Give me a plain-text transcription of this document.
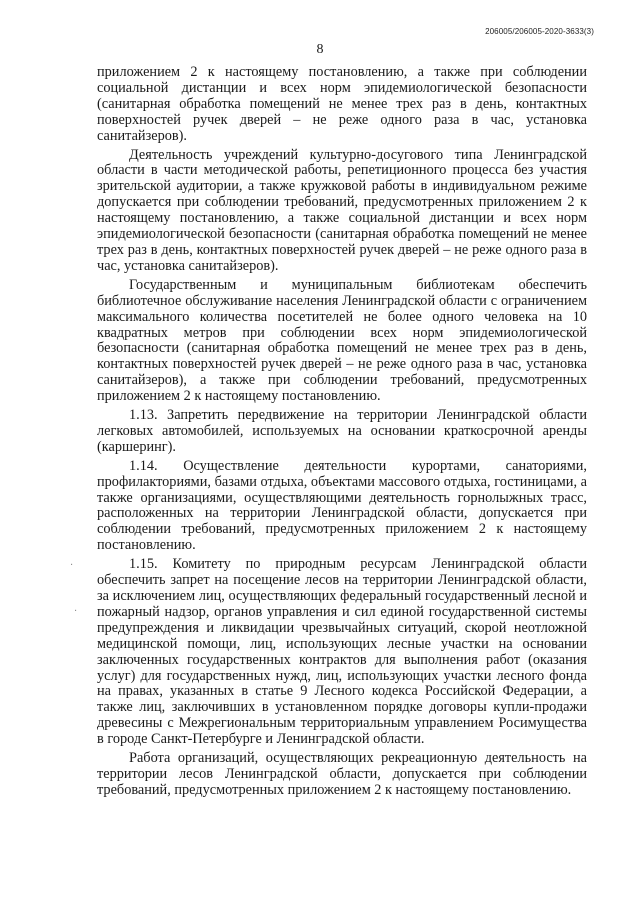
206005/206005-2020-3633(3)
8

приложением 2 к настоящему постановлению, а также при соблюдении социальной дистанции и всех норм эпидемиологической безопасности (санитарная обработка помещений не менее трех раз в день, контактных поверхностей ручек дверей – не реже одного раза в час, установка санитайзеров).

Деятельность учреждений культурно-досугового типа Ленинградской области в части методической работы, репетиционного процесса без участия зрительской аудитории, а также кружковой работы в индивидуальном режиме допускается при соблюдении требований, предусмотренных приложением 2 к настоящему постановлению, а также социальной дистанции и всех норм эпидемиологической безопасности (санитарная обработка помещений не менее трех раз в день, контактных поверхностей ручек дверей – не реже одного раза в час, установка санитайзеров).

Государственным и муниципальным библиотекам обеспечить библиотечное обслуживание населения Ленинградской области с ограничением максимального количества посетителей не более одного человека на 10 квадратных метров при соблюдении всех норм эпидемиологической безопасности (санитарная обработка помещений не менее трех раз в день, контактных поверхностей ручек дверей – не реже одного раза в час, установка санитайзеров), а также при соблюдении требований, предусмотренных приложением 2 к настоящему постановлению.

1.13. Запретить передвижение на территории Ленинградской области легковых автомобилей, используемых на основании краткосрочной аренды (каршеринг).

1.14. Осуществление деятельности курортами, санаториями, профилакториями, базами отдыха, объектами массового отдыха, гостиницами, а также организациями, осуществляющими деятельность горнолыжных трасс, расположенных на территории Ленинградской области, допускается при соблюдении требований, предусмотренных приложением 2 к настоящему постановлению.

1.15. Комитету по природным ресурсам Ленинградской области обеспечить запрет на посещение лесов на территории Ленинградской области, за исключением лиц, осуществляющих федеральный государственный лесной и пожарный надзор, органов управления и сил единой государственной системы предупреждения и ликвидации чрезвычайных ситуаций, скорой неотложной медицинской помощи, лиц, использующих лесные участки на основании заключенных государственных контрактов для выполнения работ (оказания услуг) для государственных нужд, лиц, использующих участки лесного фонда на правах, указанных в статье 9 Лесного кодекса Российской Федерации, а также лиц, заключивших в установленном порядке договоры купли-продажи древесины с Межрегиональным территориальным управлением Росимущества в городе Санкт-Петербурге и Ленинградской области.

Работа организаций, осуществляющих рекреационную деятельность на территории лесов Ленинградской области, допускается при соблюдении требований, предусмотренных приложением 2 к настоящему постановлению.

·
·
